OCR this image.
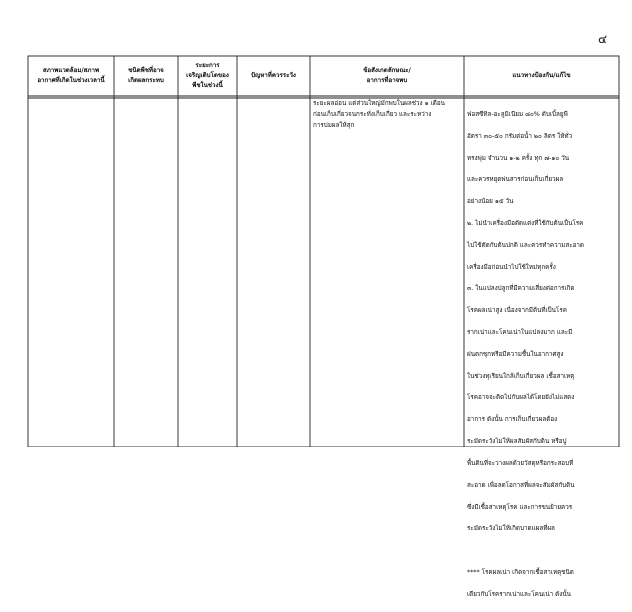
๔
สภาพแวดล้อม/สภาพ
อากาศที่เกิดในช่วงเวลานี้
ชนิดพืชที่อาจ
เกิดผลกระทบ
ระยะการ
เจริญเติบโตของ
พืชในช่วงนี้
ปัญหาที่ควรระวัง
ข้อสังเกตลักษณะ/
อาการที่อาจพบ
แนวทางป้องกัน/แก้ไข
ระยะผลอ่อน แต่ส่วนใหญ่มักพบในผลช่วง ๑ เดือน
ก่อนเก็บเกี่ยวจนกระทั่งเก็บเกี่ยว และระหว่าง
การบ่มผลให้สุก

ฟอสซีทิล-อะลูมิเนียม ๘๐% ดับเบิ้ลยูพี

อัตรา ๓๐-๕๐ กรัมต่อน้ำ ๒๐ ลิตร ให้ทั่ว

ทรงพุ่ม จำนวน ๑-๒ ครั้ง ทุก ๗-๑๐ วัน

และควรหยุดพ่นสารก่อนเก็บเกี่ยวผล

อย่างน้อย ๑๕ วัน

๒. ไม่นำเครื่องมือตัดแต่งที่ใช้กับต้นเป็นโรค

ไปใช้ตัดกับต้นปกติ และควรทำความสะอาด

เครื่องมือก่อนนำไปใช้ใหม่ทุกครั้ง

๓. ในแปลงปลูกที่มีความเสี่ยงต่อการเกิด

โรคผลเน่าสูง เนื่องจากมีต้นที่เป็นโรค

รากเน่าและโคนเน่าในแปลงมาก และมี

ฝนตกชุกหรือมีความชื้นในอากาศสูง

ในช่วงทุเรียนใกล้เก็บเกี่ยวผล เชื้อสาเหตุ

โรคอาจจะติดไปกับผลได้โดยยังไม่แสดง

อาการ ดังนั้น การเก็บเกี่ยวผลต้อง

ระมัดระวังไม่ให้ผลสัมผัสกับดิน หรือปู

พื้นดินที่จะวางผลด้วยวัสดุหรือกระสอบที่

สะอาด เพื่อลดโอกาสที่ผลจะสัมผัสกับดิน

ซึ่งมีเชื้อสาเหตุโรค และการขนย้ายควร

ระมัดระวังไม่ให้เกิดบาดแผลที่ผล

**** โรคผลเน่า เกิดจากเชื้อสาเหตุชนิด

เดียวกับโรครากเน่าและโคนเน่า ดังนั้น
